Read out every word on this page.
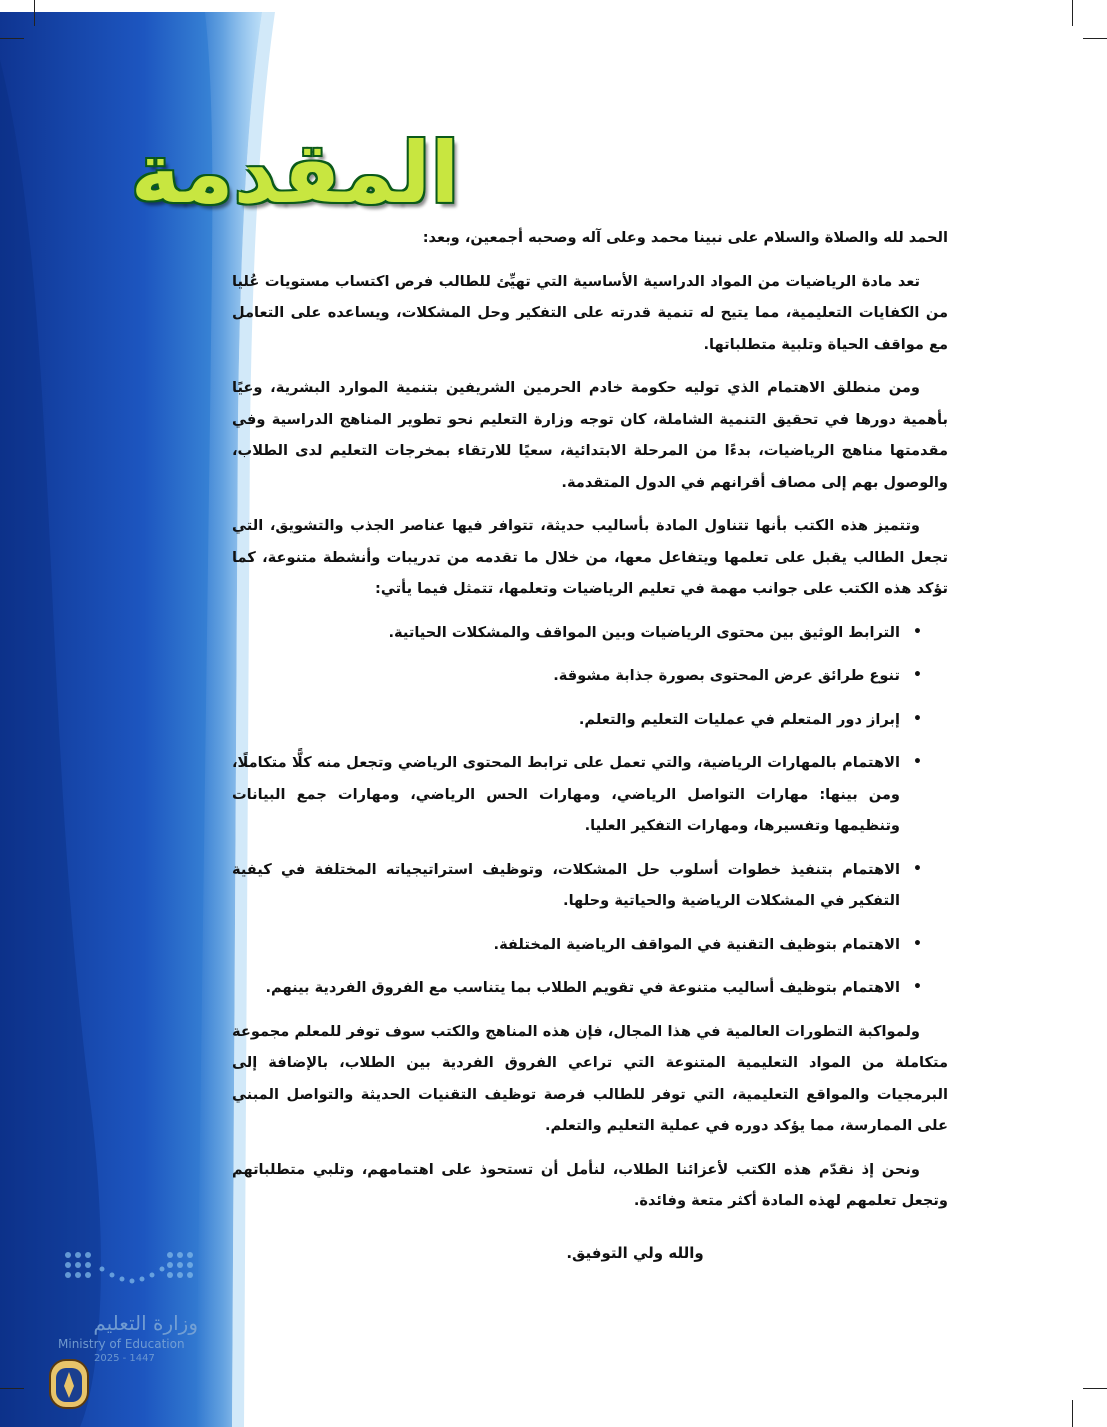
المقدمة

الحمد لله والصلاة والسلام على نبينا محمد وعلى آله وصحبه أجمعين، وبعد:

تعد مادة الرياضيات من المواد الدراسية الأساسية التي تهيِّئ للطالب فرص اكتساب مستويات عُليا من الكفايات التعليمية، مما يتيح له تنمية قدرته على التفكير وحل المشكلات، ويساعده على التعامل مع مواقف الحياة وتلبية متطلباتها.

ومن منطلق الاهتمام الذي توليه حكومة خادم الحرمين الشريفين بتنمية الموارد البشرية، وعيًا بأهمية دورها في تحقيق التنمية الشاملة، كان توجه وزارة التعليم نحو تطوير المناهج الدراسية وفي مقدمتها مناهج الرياضيات، بدءًا من المرحلة الابتدائية، سعيًا للارتقاء بمخرجات التعليم لدى الطلاب، والوصول بهم إلى مصاف أقرانهم في الدول المتقدمة.

وتتميز هذه الكتب بأنها تتناول المادة بأساليب حديثة، تتوافر فيها عناصر الجذب والتشويق، التي تجعل الطالب يقبل على تعلمها ويتفاعل معها، من خلال ما تقدمه من تدريبات وأنشطة متنوعة، كما تؤكد هذه الكتب على جوانب مهمة في تعليم الرياضيات وتعلمها، تتمثل فيما يأتي:

•
الترابط الوثيق بين محتوى الرياضيات وبين المواقف والمشكلات الحياتية.
•
تنوع طرائق عرض المحتوى بصورة جذابة مشوقة.
•
إبراز دور المتعلم في عمليات التعليم والتعلم.
•
الاهتمام بالمهارات الرياضية، والتي تعمل على ترابط المحتوى الرياضي وتجعل منه كلًّا متكاملًا، ومن بينها: مهارات التواصل الرياضي، ومهارات الحس الرياضي، ومهارات جمع البيانات وتنظيمها وتفسيرها، ومهارات التفكير العليا.
•
الاهتمام بتنفيذ خطوات أسلوب حل المشكلات، وتوظيف استراتيجياته المختلفة في كيفية التفكير في المشكلات الرياضية والحياتية وحلها.
•
الاهتمام بتوظيف التقنية في المواقف الرياضية المختلفة.
•
الاهتمام بتوظيف أساليب متنوعة في تقويم الطلاب بما يتناسب مع الفروق الفردية بينهم.

ولمواكبة التطورات العالمية في هذا المجال، فإن هذه المناهج والكتب سوف توفر للمعلم مجموعة متكاملة من المواد التعليمية المتنوعة التي تراعي الفروق الفردية بين الطلاب، بالإضافة إلى البرمجيات والمواقع التعليمية، التي توفر للطالب فرصة توظيف التقنيات الحديثة والتواصل المبني على الممارسة، مما يؤكد دوره في عملية التعليم والتعلم.

ونحن إذ نقدّم هذه الكتب لأعزائنا الطلاب، لنأمل أن تستحوذ على اهتمامهم، وتلبي متطلباتهم وتجعل تعلمهم لهذه المادة أكثر متعة وفائدة.

والله ولي التوفيق.
وزارة التعليم
Ministry of Education
2025 - 1447
